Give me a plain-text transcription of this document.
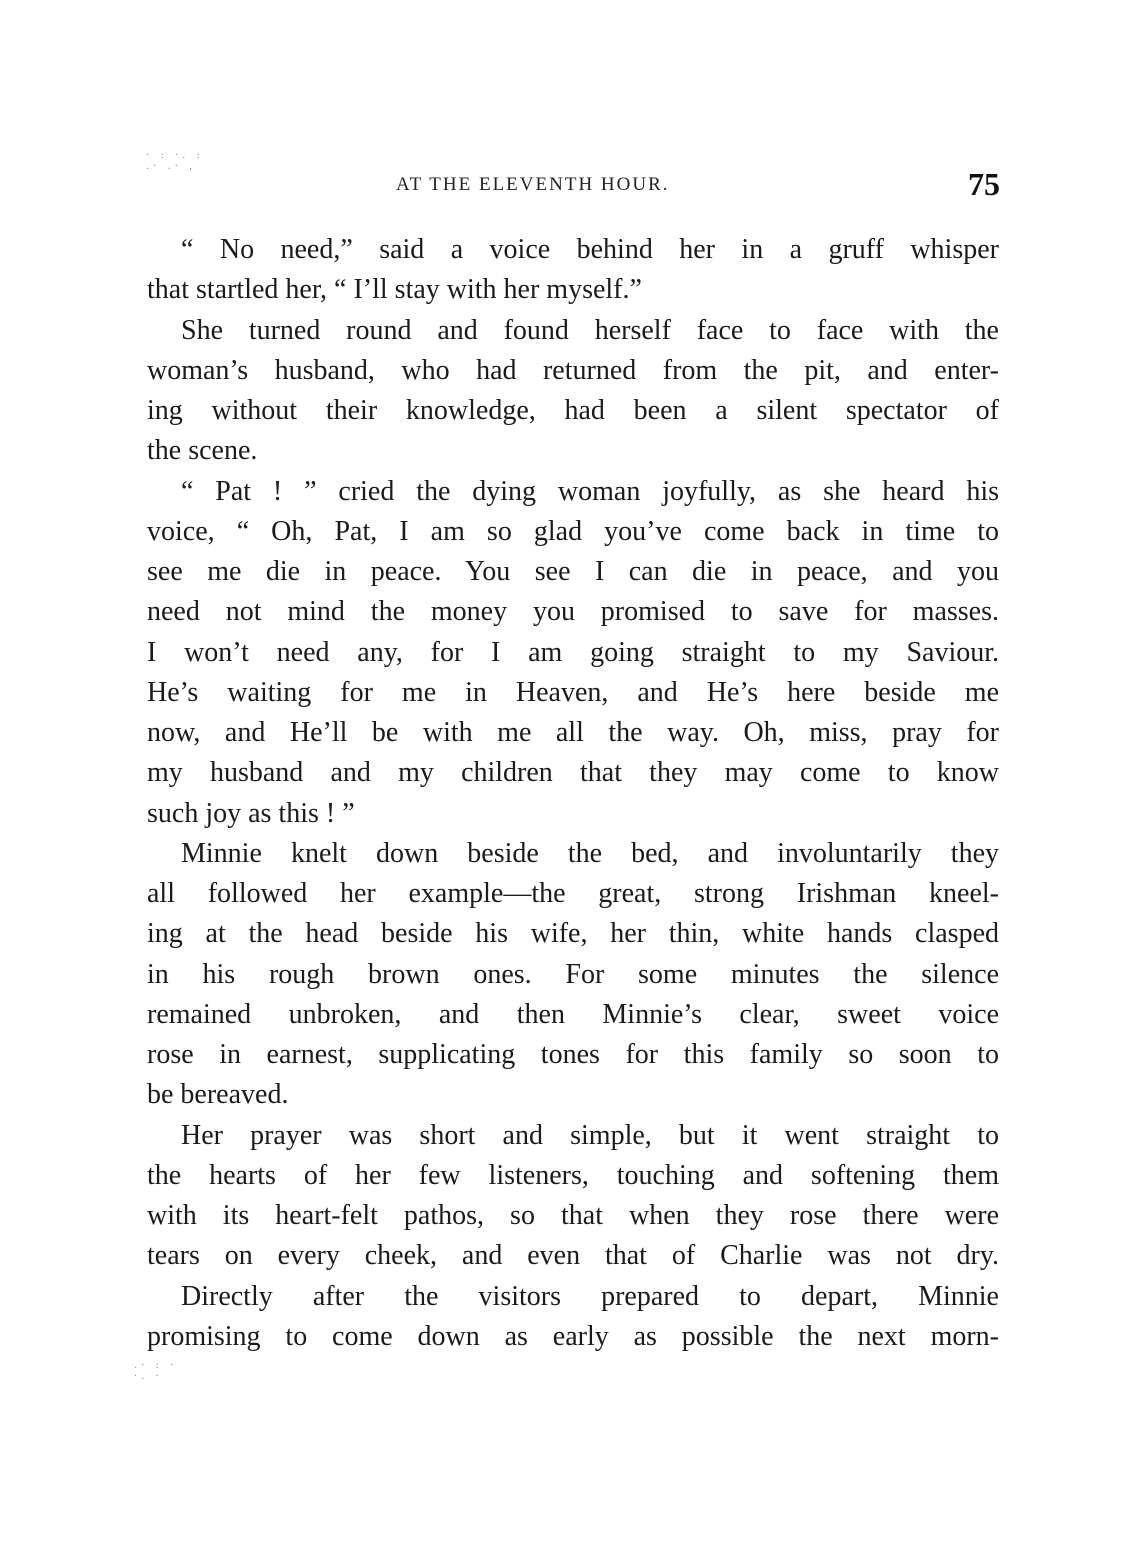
· : ·. :
.· .· ,
.· : ·
·. ·
AT THE ELEVENTH HOUR.	75
“ No need,” said a voice behind her in a gruff whisper
that startled her, “ I’ll stay with her myself.”
She turned round and found herself face to face with the
woman’s husband, who had returned from the pit, and enter-
ing without their knowledge, had been a silent spectator of
the scene.
“ Pat ! ” cried the dying woman joyfully, as she heard his
voice, “ Oh, Pat, I am so glad you’ve come back in time to
see me die in peace. You see I can die in peace, and you
need not mind the money you promised to save for masses.
I won’t need any, for I am going straight to my Saviour.
He’s waiting for me in Heaven, and He’s here beside me
now, and He’ll be with me all the way. Oh, miss, pray for
my husband and my children that they may come to know
such joy as this ! ”
Minnie knelt down beside the bed, and involuntarily they
all followed her example—the great, strong Irishman kneel-
ing at the head beside his wife, her thin, white hands clasped
in his rough brown ones. For some minutes the silence
remained unbroken, and then Minnie’s clear, sweet voice
rose in earnest, supplicating tones for this family so soon to
be bereaved.
Her prayer was short and simple, but it went straight to
the hearts of her few listeners, touching and softening them
with its heart-felt pathos, so that when they rose there were
tears on every cheek, and even that of Charlie was not dry.
Directly after the visitors prepared to depart, Minnie
promising to come down as early as possible the next morn-
